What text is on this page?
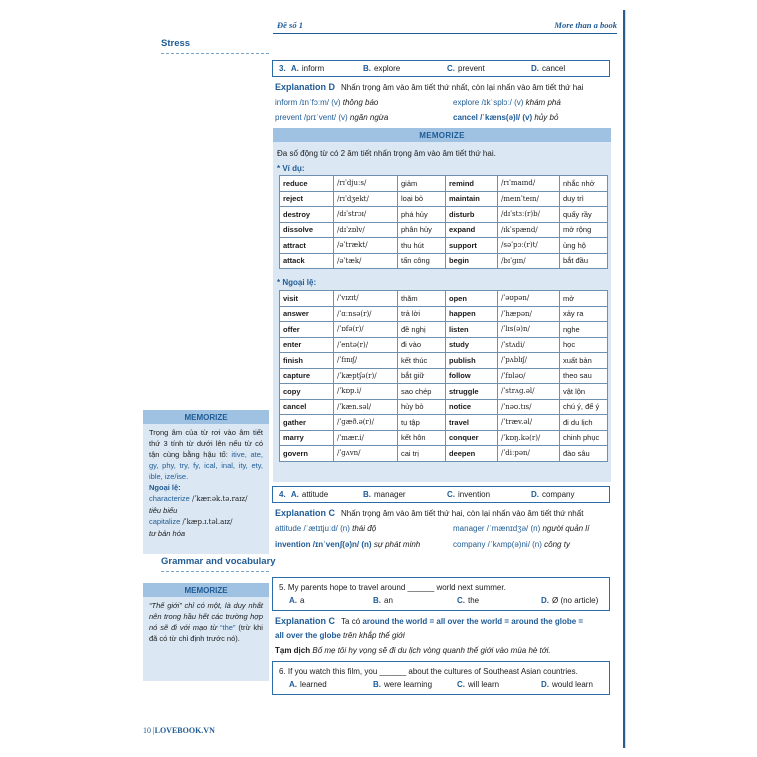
Đề số 1	More than a book
Stress
3. A. inform	B. explore	C. prevent	D. cancel
Explanation D Nhấn trọng âm vào âm tiết thứ nhất, còn lại nhấn vào âm tiết thứ hai
inform /ɪnˈfɔːm/ (v) thông báo	explore /ɪkˈsplɔː/ (v) khám phá
prevent /prɪˈvent/ (v) ngăn ngừa	cancel /ˈkæns(ə)l/ (v) hủy bỏ
MEMORIZE
Đa số động từ có 2 âm tiết nhấn trọng âm vào âm tiết thứ hai.
* Ví dụ:
reduce	/rɪˈdjuːs/	giảm	remind	/rɪˈmaɪnd/	nhắc nhở
reject	/rɪˈdʒekt/	loại bỏ	maintain	/meɪnˈteɪn/	duy trì
destroy	/dɪˈstrɔɪ/	phá hủy	disturb	/dɪˈstɜː(r)b/	quấy rầy
dissolve	/dɪˈzɒlv/	phân hủy	expand	/ɪkˈspænd/	mở rộng
attract	/əˈtrækt/	thu hút	support	/səˈpɔː(r)t/	ủng hộ
attack	/əˈtæk/	tấn công	begin	/bɪˈɡɪn/	bắt đầu
* Ngoại lệ:
visit	/ˈvɪzɪt/	thăm	open	/ˈəʊpən/	mở
answer	/ˈɑːnsə(r)/	trả lời	happen	/ˈhæpən/	xảy ra
offer	/ˈɒfə(r)/	đề nghị	listen	/ˈlɪs(ə)n/	nghe
enter	/ˈentə(r)/	đi vào	study	/ˈstʌdi/	học
finish	/ˈfɪnɪʃ/	kết thúc	publish	/ˈpʌblɪʃ/	xuất bản
capture	/ˈkæptʃə(r)/	bắt giữ	follow	/ˈfɒləʊ/	theo sau
copy	/ˈkɒp.i/	sao chép	struggle	/ˈstrʌɡ.əl/	vật lộn
cancel	/ˈkæn.səl/	hủy bỏ	notice	/ˈnəʊ.tɪs/	chú ý, để ý
gather	/ˈɡæð.ə(r)/	tụ tập	travel	/ˈtræv.əl/	đi du lịch
marry	/ˈmær.i/	kết hôn	conquer	/ˈkɒŋ.kə(r)/	chinh phục
govern	/ˈɡʌvn/	cai trị	deepen	/ˈdiːpən/	đào sâu
MEMORIZE
Trọng âm của từ rơi vào âm tiết thứ 3 tính từ dưới lên nếu từ có tận cùng bằng hậu tố: itive, ate, gy, phy, try, fy, ical, inal, ity, ety, ible, ize/ise.
Ngoại lệ:
characterize /ˈkær.ək.tə.raɪz/
tiêu biểu
capitalize /ˈkæp.ɪ.təl.aɪz/
tư bản hóa
4. A. attitude	B. manager	C. invention	D. company
Explanation C Nhấn trọng âm vào âm tiết thứ hai, còn lại nhấn vào âm tiết thứ nhất
attitude /ˈætɪtjuːd/ (n) thái độ	manager /ˈmænɪdʒə/ (n) người quản lí
invention /ɪnˈvenʃ(ə)n/ (n) sự phát minh	company /ˈkʌmp(ə)ni/ (n) công ty
Grammar and vocabulary
MEMORIZE
“Thế giới” chỉ có một, là duy nhất nên trong hầu hết các trường hợp nó sẽ đi với mạo từ “the” (trừ khi đã có từ chỉ định trước nó).
5. My parents hope to travel around ______ world next summer.
A. a	B. an	C. the	D. Ø (no article)
Explanation C Ta có around the world = all over the world = around the globe =
all over the globe trên khắp thế giới
Tạm dịch Bố mẹ tôi hy vọng sẽ đi du lịch vòng quanh thế giới vào mùa hè tới.
6. If you watch this film, you ______ about the cultures of Southeast Asian countries.
A. learned	B. were learning	C. will learn	D. would learn
10 |LOVEBOOK.VN
